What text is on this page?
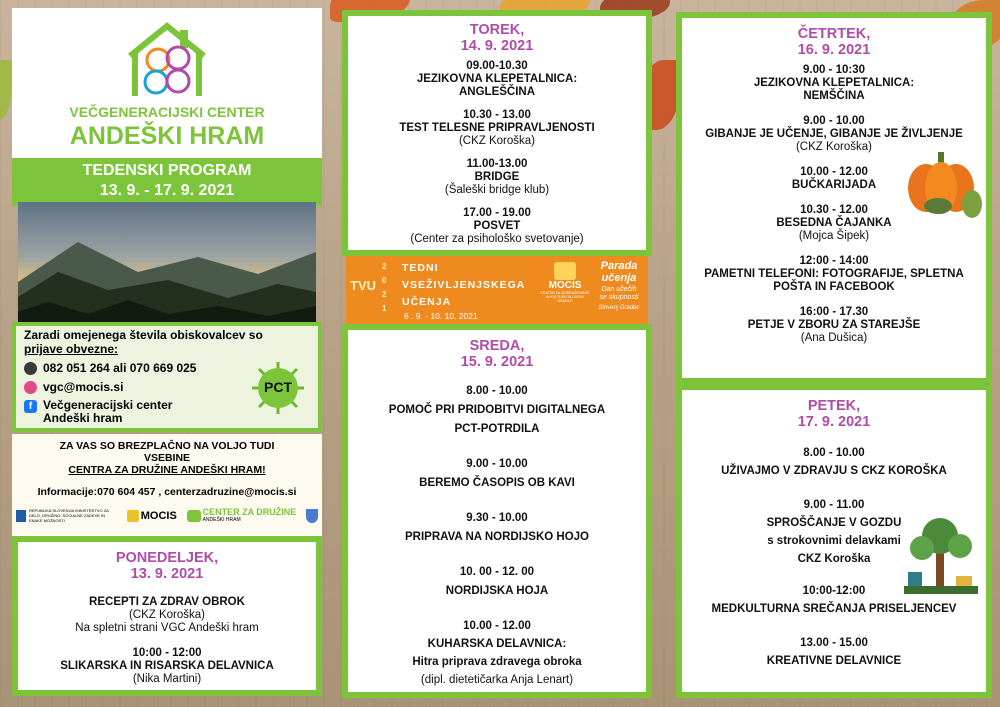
VEČGENERACIJSKI CENTER
ANDEŠKI HRAM
TEDENSKI PROGRAM
13. 9. - 17. 9. 2021
Zaradi omejenega števila obiskovalcev so
prijave obvezne:
082 051 264 ali 070 669 025
vgc@mocis.si
f Večgeneracijski center
Andeški hram
PCT
ZA VAS SO BREZPLAČNO NA VOLJO TUDI
VSEBINE
CENTRA ZA DRUŽINE ANDEŠKI HRAM!
Informacije:070 604 457 , centerzadruzine@mocis.si
REPUBLIKA SLOVENIJA MINISTRSTVO ZA DELO, DRUŽINO, SOCIALNE ZADEVE IN ENAKE MOŽNOSTI	MOCIS	CENTER ZA DRUŽINE
ANDEŠKI HRAM
PONEDELJEK,
13. 9. 2021
RECEPTI ZA ZDRAV OBROK
(CKZ Koroška)
Na spletni strani VGC Andeški hram
10:00 - 12:00
SLIKARSKA IN RISARSKA DELAVNICA
(Nika Martini)
TOREK,
14. 9. 2021
09.00-10.30
JEZIKOVNA KLEPETALNICA:
ANGLEŠČINA
10.30 - 13.00
TEST TELESNE PRIPRAVLJENOSTI
(CKZ Koroška)
11.00-13.00
BRIDGE
(Šaleški bridge klub)
17.00 - 19.00
POSVET
(Center za psihološko svetovanje)
TVU
2
0
2
1
TEDNI
VSEŽIVLJENJSKEGA
UČENJA
6 . 9. - 10. 10. 2021
MOCIS
CENTER ZA IZOBRAŽEVANJE IN KULTURO SLOVENJ GRADEC
Parada
učenja
Dan učečih
se skupnosti
Slovenj Gradec
SREDA,
15. 9. 2021
8.00 - 10.00
POMOČ PRI PRIDOBITVI DIGITALNEGA
PCT-POTRDILA
9.00 - 10.00
BEREMO ČASOPIS OB KAVI
9.30 - 10.00
PRIPRAVA NA NORDIJSKO HOJO
10. 00 - 12. 00
NORDIJSKA HOJA
10.00 - 12.00
KUHARSKA DELAVNICA:
Hitra priprava zdravega obroka
(dipl. dietetičarka Anja Lenart)
ČETRTEK,
16. 9. 2021
9.00 - 10:30
JEZIKOVNA KLEPETALNICA:
NEMŠČINA
9.00 - 10.00
GIBANJE JE UČENJE, GIBANJE JE ŽIVLJENJE
(CKZ Koroška)
10.00 - 12.00
BUČKARIJADA
10.30 - 12.00
BESEDNA ČAJANKA
(Mojca Šipek)
12:00 - 14:00
PAMETNI TELEFONI: FOTOGRAFIJE, SPLETNA
POŠTA IN FACEBOOK
16:00 - 17.30
PETJE V ZBORU ZA STAREJŠE
(Ana Dušica)
PETEK,
17. 9. 2021
8.00 - 10.00
UŽIVAJMO V ZDRAVJU S CKZ KOROŠKA
9.00 - 11.00
SPROŠČANJE V GOZDU
s strokovnimi delavkami
CKZ Koroška
10:00-12:00
MEDKULTURNA SREČANJA PRISELJENCEV
13.00 - 15.00
KREATIVNE DELAVNICE
